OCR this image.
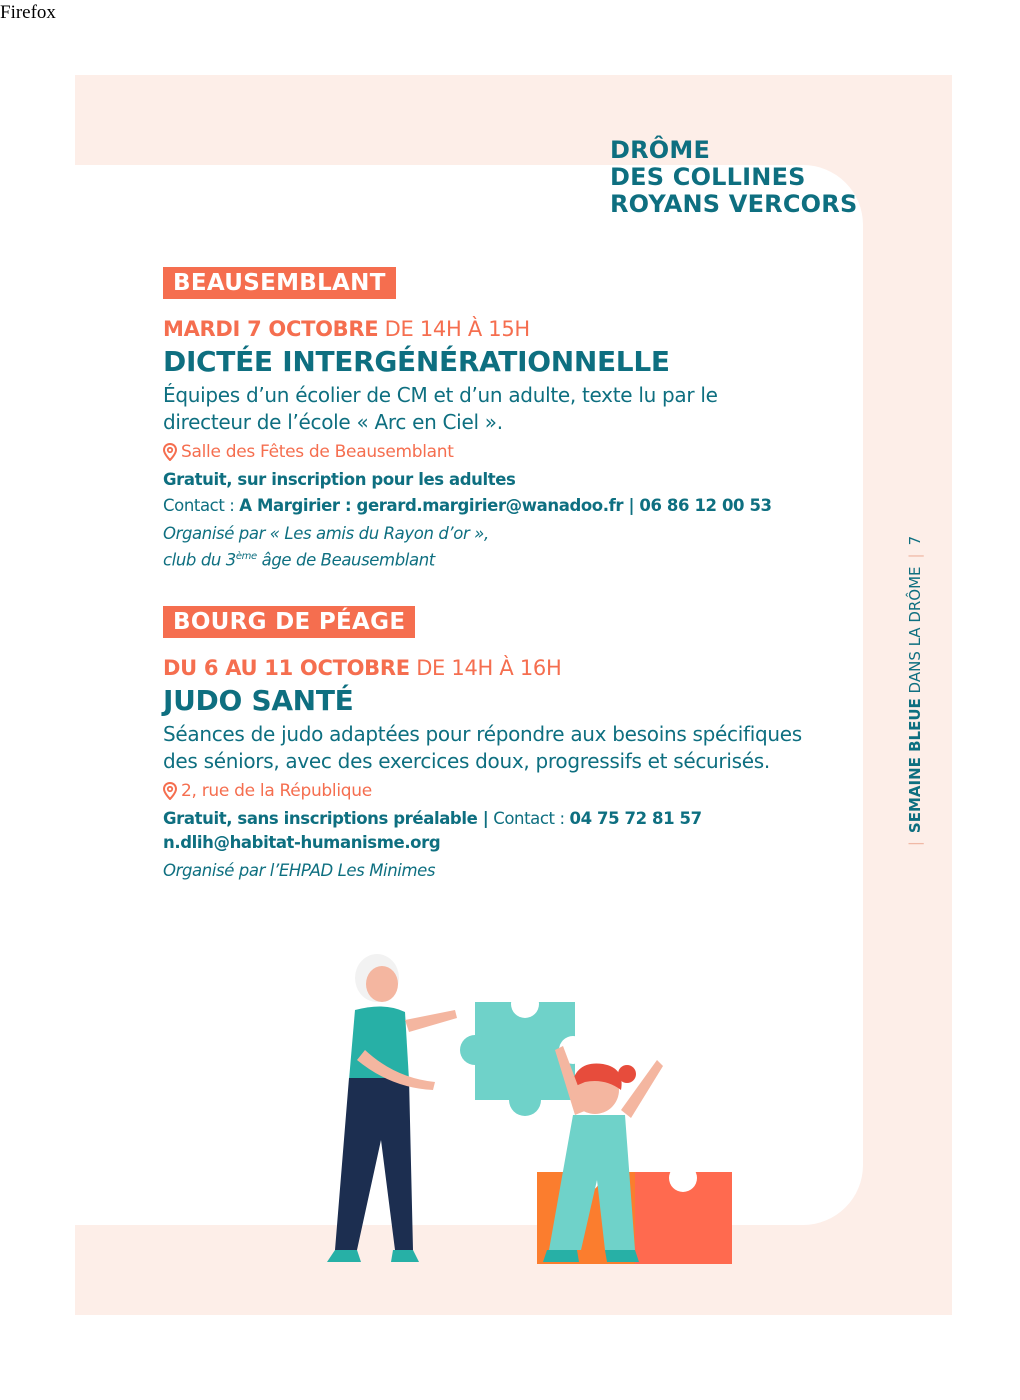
Firefox
DRÔME
DES COLLINES
ROYANS VERCORS
|SEMAINE BLEUE DANS LA DRÔME|7
BEAUSEMBLANT
MARDI 7 OCTOBRE DE 14H À 15H
DICTÉE INTERGÉNÉRATIONNELLE
Équipes d’un écolier de CM et d’un adulte, texte lu par le directeur de l’école « Arc en Ciel ».
Salle des Fêtes de Beausemblant
Gratuit, sur inscription pour les adultes
Contact : A Margirier : gerard.margirier@wanadoo.fr | 06 86 12 00 53
Organisé par « Les amis du Rayon d’or »,
club du 3ème âge de Beausemblant
BOURG DE PÉAGE
DU 6 AU 11 OCTOBRE DE 14H À 16H
JUDO SANTÉ
Séances de judo adaptées pour répondre aux besoins spécifiques des séniors, avec des exercices doux, progressifs et sécurisés.
2, rue de la République
Gratuit, sans inscriptions préalable | Contact : 04 75 72 81 57
n.dlih@habitat-humanisme.org
Organisé par l’EHPAD Les Minimes
